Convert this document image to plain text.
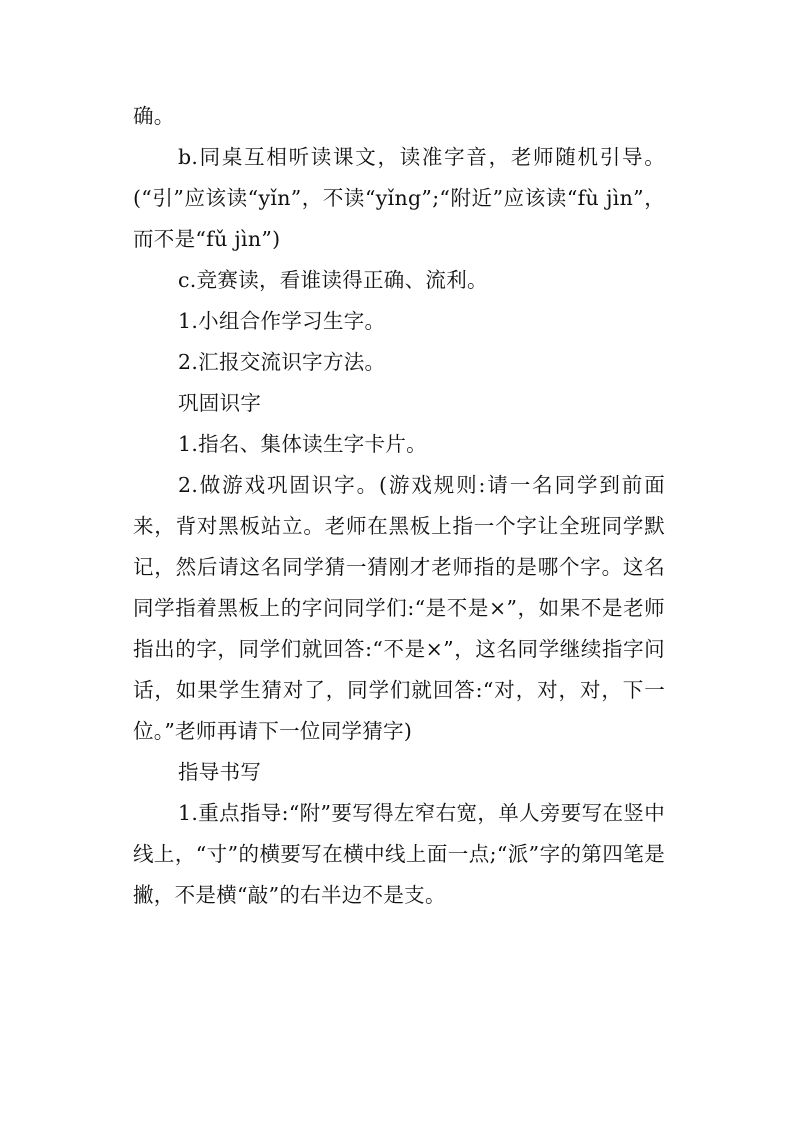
确。

b.同桌互相听读课文，读准字音，老师随机引导。(“引”应该读“yǐn”，不读“yǐng”;“附近”应该读“fù jìn”，而不是“fǔ jìn”)

c.竞赛读，看谁读得正确、流利。

1.小组合作学习生字。

2.汇报交流识字方法。

巩固识字

1.指名、集体读生字卡片。

2.做游戏巩固识字。(游戏规则:请一名同学到前面来，背对黑板站立。老师在黑板上指一个字让全班同学默记，然后请这名同学猜一猜刚才老师指的是哪个字。这名同学指着黑板上的字问同学们:“是不是×”，如果不是老师指出的字，同学们就回答:“不是×”，这名同学继续指字问话，如果学生猜对了，同学们就回答:“对，对，对，下一位。”老师再请下一位同学猜字)

指导书写

1.重点指导:“附”要写得左窄右宽，单人旁要写在竖中线上，“寸”的横要写在横中线上面一点;“派”字的第四笔是撇，不是横“敲”的右半边不是支。
